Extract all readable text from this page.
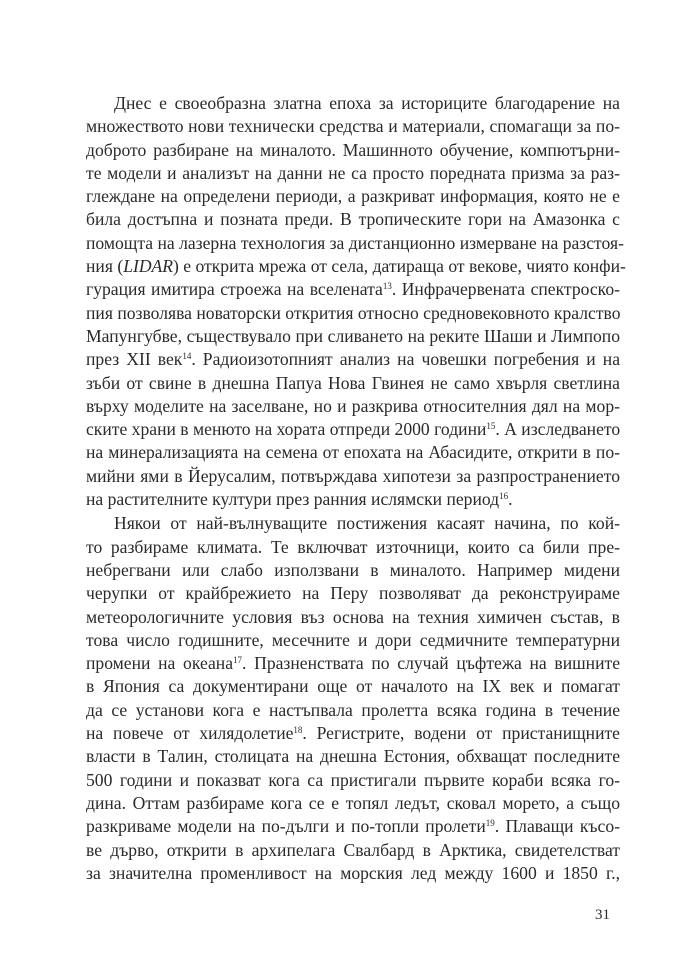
Днес е своеобразна златна епоха за историците благодарение на
множеството нови технически средства и материали, спомагащи за по-
доброто разбиране на миналото. Машинното обучение, компютърни-
те модели и анализът на данни не са просто поредната призма за раз-
глеждане на определени периоди, а разкриват информация, която не е
била достъпна и позната преди. В тропическите гори на Амазонка с
помощта на лазерна технология за дистанционно измерване на разстоя-
ния (LIDAR) е открита мрежа от села, датираща от векове, чиято конфи-
гурация имитира строежа на вселената$^{13}$. Инфрачервената спектроско-
пия позволява новаторски открития относно средновековното кралство
Мапунгубве, съществувало при сливането на реките Шаши и Лимпопо
през XII век$^{14}$. Радиоизотопният анализ на човешки погребения и на
зъби от свине в днешна Папуа Нова Гвинея не само хвърля светлина
върху моделите на заселване, но и разкрива относителния дял на мор-
ските храни в менюто на хората отпреди 2000 години$^{15}$. А изследването
на минерализацията на семена от епохата на Абасидите, открити в по-
мийни ями в Йерусалим, потвърждава хипотези за разпространението
на растителните култури през ранния ислямски период$^{16}$.
Някои от най-вълнуващите постижения касаят начина, по кой-
то разбираме климата. Те включват източници, които са били пре-
небрегвани или слабо използвани в миналото. Например мидени
черупки от крайбрежието на Перу позволяват да реконструираме
метеорологичните условия въз основа на техния химичен състав, в
това число годишните, месечните и дори седмичните температурни
промени на океана$^{17}$. Празненствата по случай цъфтежа на вишните
в Япония са документирани още от началото на IX век и помагат
да се установи кога е настъпвала пролетта всяка година в течение
на повече от хилядолетие$^{18}$. Регистрите, водени от пристанищните
власти в Талин, столицата на днешна Естония, обхващат последните
500 години и показват кога са пристигали първите кораби всяка го-
дина. Оттам разбираме кога се е топял ледът, сковал морето, а също
разкриваме модели на по-дълги и по-топли пролети$^{19}$. Плаващи късо-
ве дърво, открити в архипелага Свалбард в Арктика, свидетелстват
за значителна променливост на морския лед между 1600 и 1850 г.,
31
